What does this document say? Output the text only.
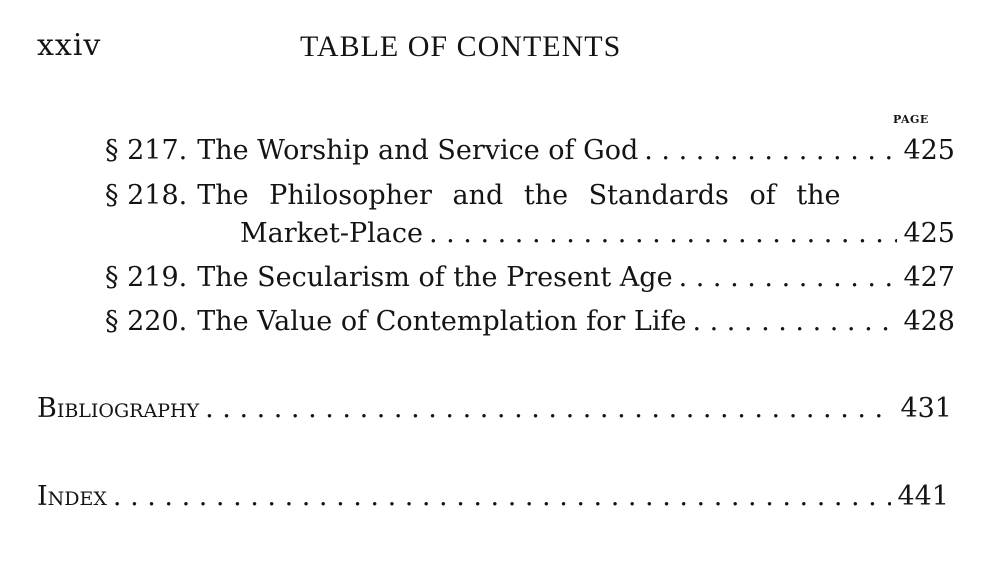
xxiv	TABLE OF CONTENTS
PAGE
§ 217. The Worship and Service of God . . .	425
§ 218. The Philosopher and the Standards of the
Market-Place . . .	425
§ 219. The Secularism of the Present Age . . .	427
§ 220. The Value of Contemplation for Life . . .	428
Bibliography . . .	431
Index . . .	441
